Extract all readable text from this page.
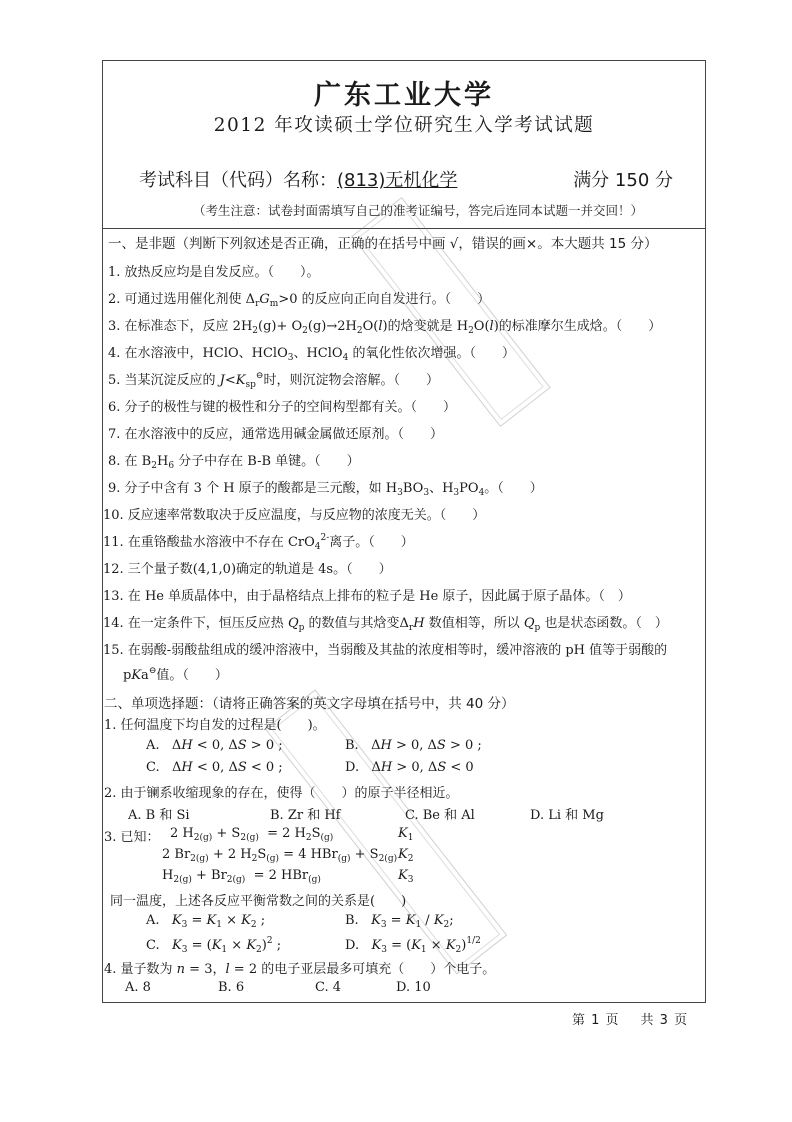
广东工业大学
2012 年攻读硕士学位研究生入学考试试题
考试科目（代码）名称：(813)无机化学	满分 150 分
（考生注意：试卷封面需填写自己的准考证编号，答完后连同本试题一并交回！）
一、是非题（判断下列叙述是否正确，正确的在括号中画 √，错误的画×。本大题共 15 分）
1. 放热反应均是自发反应。（　　）。
2. 可通过选用催化剂使 $\Delta_rG_m>0$ 的反应向正向自发进行。（　　）
3. 在标准态下，反应 $2H_2(g)+ O_2(g)\to 2H_2O(l)$的焓变就是 $H_2O(l)$的标准摩尔生成焓。（　　）
4. 在水溶液中，HClO、HClO$_3$、HClO$_4$ 的氧化性依次增强。（　　）
5. 当某沉淀反应的 $J<K_{sp}^⊖$时，则沉淀物会溶解。（　　）
6. 分子的极性与键的极性和分子的空间构型都有关。（　　）
7. 在水溶液中的反应，通常选用碱金属做还原剂。（　　）
8. 在 $B_2H_6$ 分子中存在 B-B 单键。（　　）
9. 分子中含有 3 个 H 原子的酸都是三元酸，如 $H_3BO_3$、$H_3PO_4$。（　　）
10. 反应速率常数取决于反应温度，与反应物的浓度无关。（　　）
11. 在重铬酸盐水溶液中不存在 CrO$_4^{2-}$离子。（　　）
12. 三个量子数(4,1,0)确定的轨道是 4s。（　　）
13. 在 He 单质晶体中，由于晶格结点上排布的粒子是 He 原子，因此属于原子晶体。（　）
14. 在一定条件下，恒压反应热 $Q_p$ 的数值与其焓变$\Delta_rH$ 数值相等，所以 $Q_p$ 也是状态函数。（　）
15. 在弱酸-弱酸盐组成的缓冲溶液中，当弱酸及其盐的浓度相等时，缓冲溶液的 pH 值等于弱酸的
pKa⊖值。（　　）
二、单项选择题：（请将正确答案的英文字母填在括号中，共 40 分）
1. 任何温度下均自发的过程是(　　)。
A.   ΔH < 0, ΔS > 0 ;	B.   ΔH > 0, ΔS > 0 ;
C.   ΔH < 0, ΔS < 0 ;	D.   ΔH > 0, ΔS < 0
2. 由于镧系收缩现象的存在，使得（　　）的原子半径相近。
A. B 和 Si	B. Zr 和 Hf	C. Be 和 Al	D. Li 和 Mg
3. 已知： 2 $H_{2(g)} + S_{2(g)} = 2$ $H_2S_{(g)}$	$K_1$
2 $Br_{2(g)} + 2$ $H_2S_{(g)} = 4$ $HBr_{(g)} + S_{2(g)}$ $K_2$
$H_{2(g)} + Br_{2(g)} = 2$ HBr$_{(g)}$	$K_3$
同一温度，上述各反应平衡常数之间的关系是(　　)
A.   $K_3 = K_1 \times K_2$ ;	B.   $K_3 = K_1 / K_2$;
C.   $K_3 = (K_1 \times K_2)^2$ ;	D.   $K_3 = (K_1 \times K_2)^{1/2}$
4. 量子数为 n = 3，l = 2 的电子亚层最多可填充（　　）个电子。
A. 8	B. 6	C. 4	D. 10
第 1 页 共 3 页
